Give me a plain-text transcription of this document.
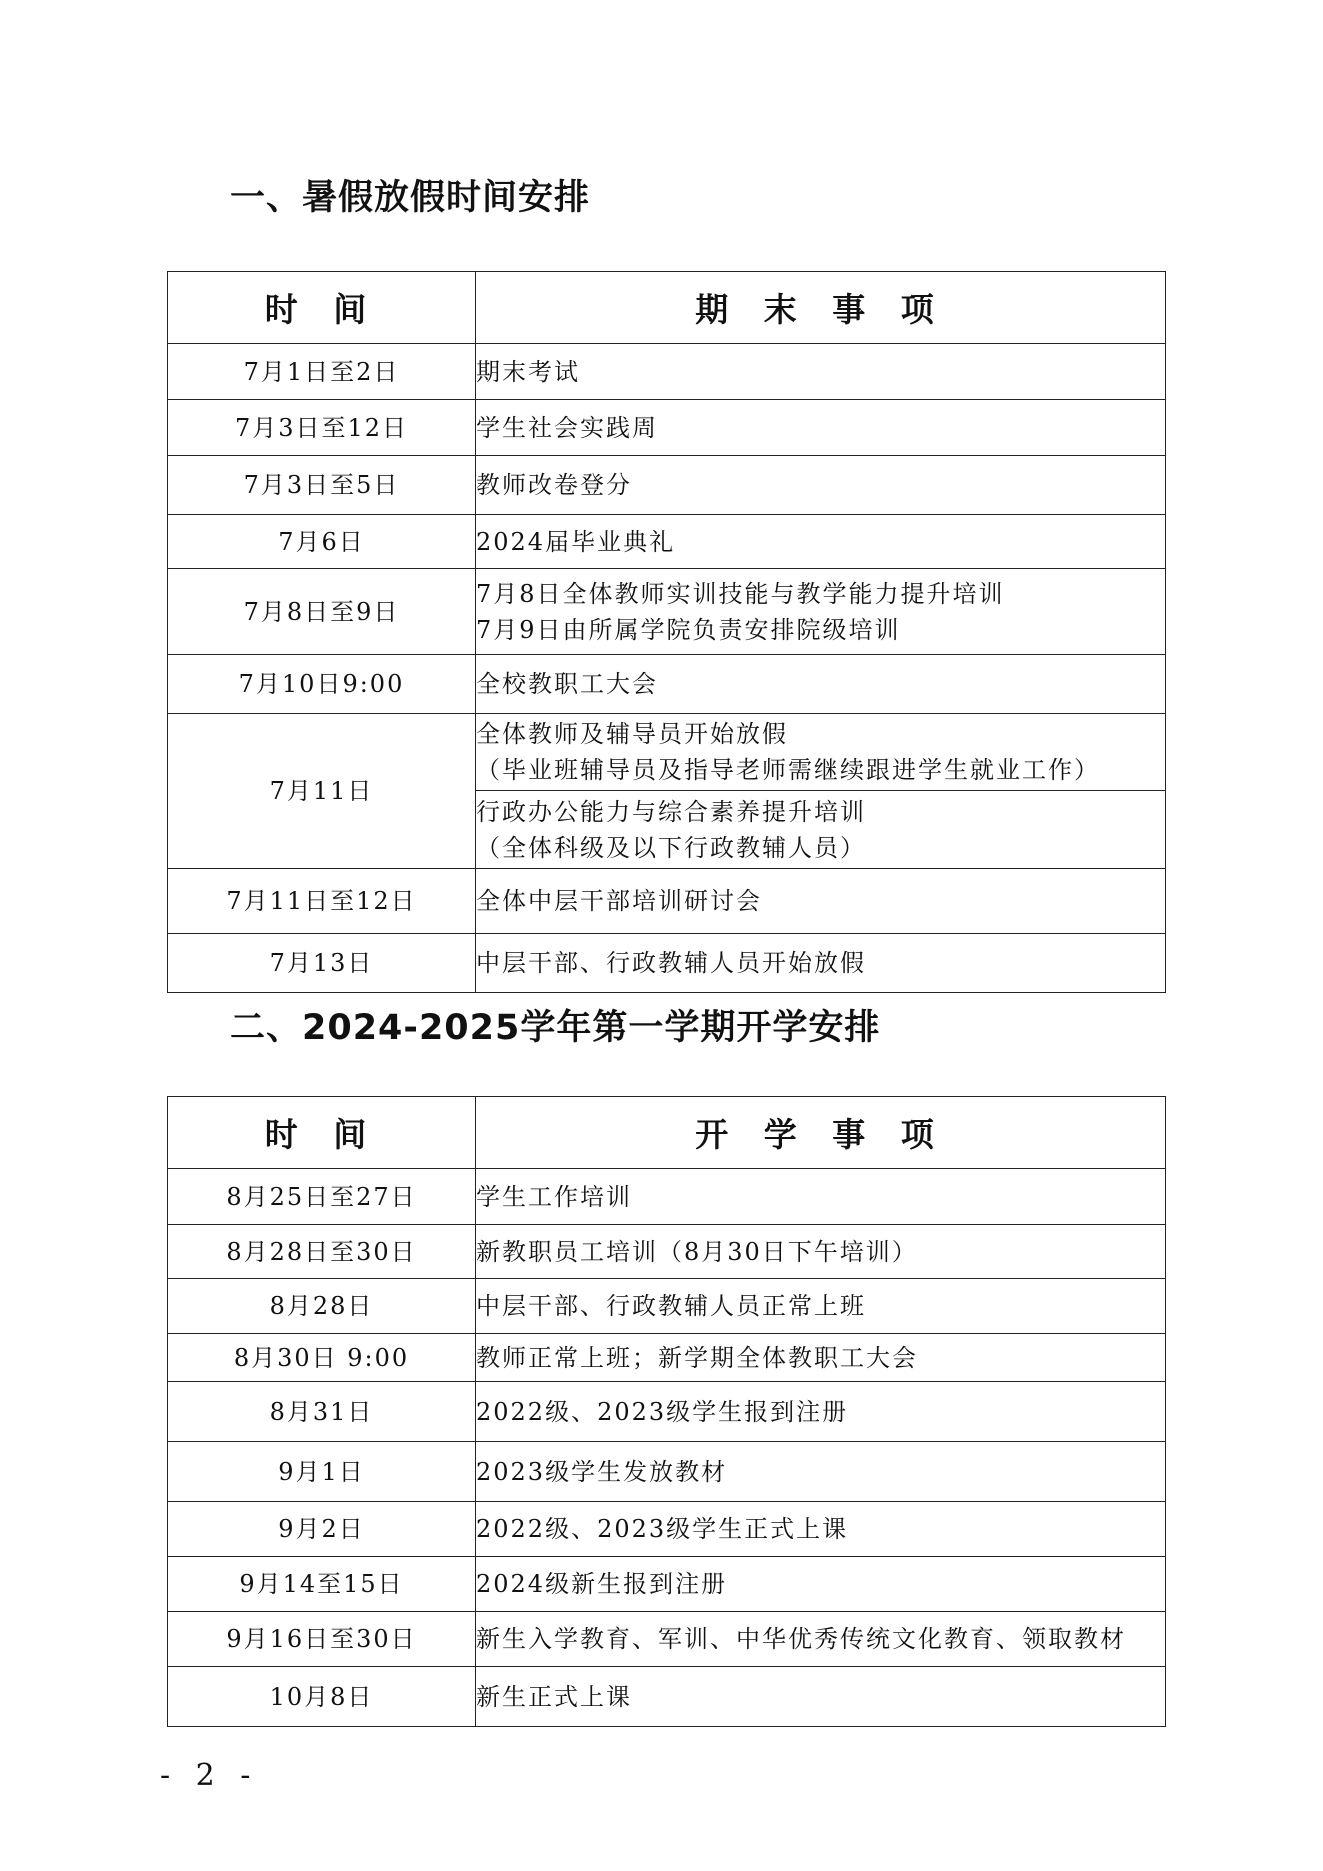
一、暑假放假时间安排
时 间	期 末 事 项
7月1日至2日	期末考试
7月3日至12日	学生社会实践周
7月3日至5日	教师改卷登分
7月6日	2024届毕业典礼
7月8日至9日	7月8日全体教师实训技能与教学能力提升培训
7月9日由所属学院负责安排院级培训

7月10日9:00	全校教职工大会
7月11日	全体教师及辅导员开始放假
（毕业班辅导员及指导老师需继续跟进学生就业工作）

	行政办公能力与综合素养提升培训
（全体科级及以下行政教辅人员）

7月11日至12日	全体中层干部培训研讨会
7月13日	中层干部、行政教辅人员开始放假
二、2024-2025学年第一学期开学安排
时 间	开 学 事 项
8月25日至27日	学生工作培训
8月28日至30日	新教职员工培训（8月30日下午培训）
8月28日	中层干部、行政教辅人员正常上班
8月30日 9:00	教师正常上班；新学期全体教职工大会
8月31日	2022级、2023级学生报到注册
9月1日	2023级学生发放教材
9月2日	2022级、2023级学生正式上课
9月14至15日	2024级新生报到注册
9月16日至30日	新生入学教育、军训、中华优秀传统文化教育、领取教材
10月8日	新生正式上课
- 2 -
